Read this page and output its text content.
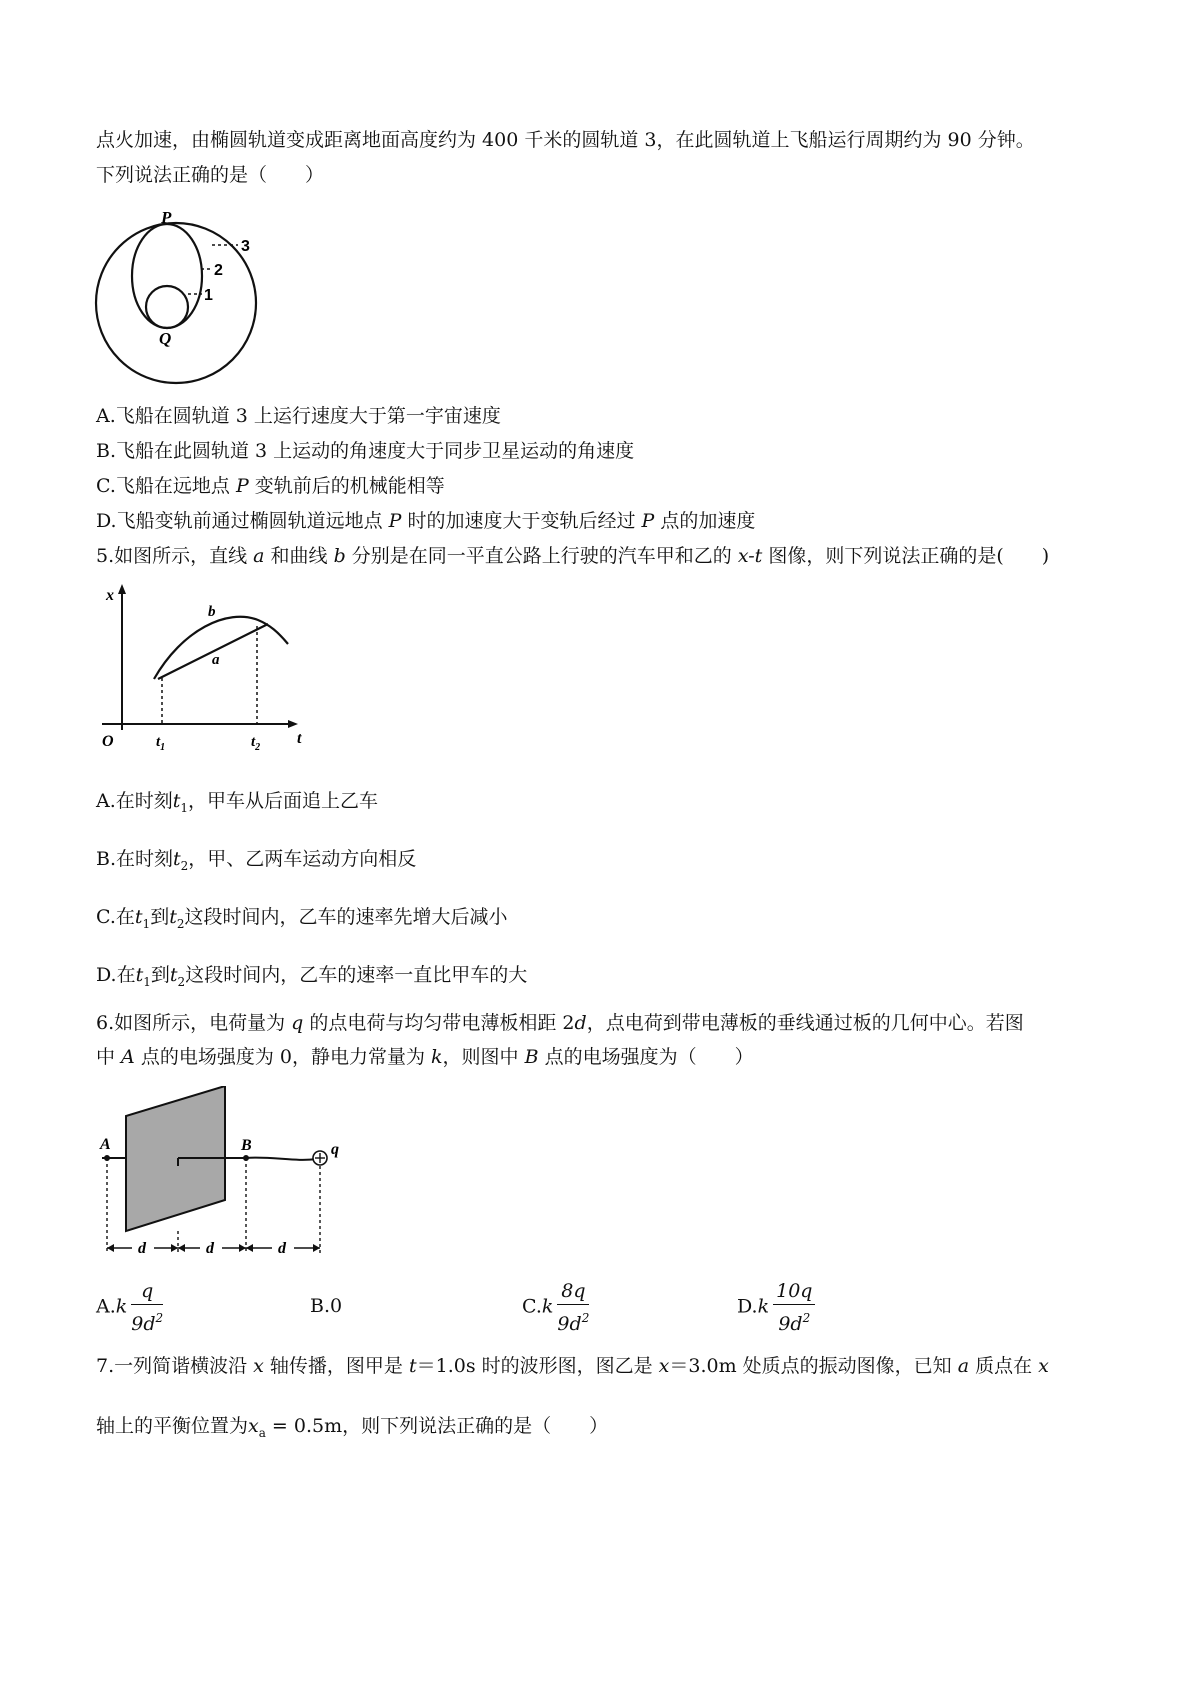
点火加速，由椭圆轨道变成距离地面高度约为 400 千米的圆轨道 3，在此圆轨道上飞船运行周期约为 90 分钟。
下列说法正确的是（　　）
P
Q
3
2
1
A.飞船在圆轨道 3 上运行速度大于第一宇宙速度
B.飞船在此圆轨道 3 上运动的角速度大于同步卫星运动的角速度
C.飞船在远地点 P 变轨前后的机械能相等
D.飞船变轨前通过椭圆轨道远地点 P 时的加速度大于变轨后经过 P 点的加速度
5.如图所示，直线 a 和曲线 b 分别是在同一平直公路上行驶的汽车甲和乙的 x-t 图像，则下列说法正确的是(　　)
x
t
O
b
a
$t_1$	$t_2$
A.在时刻$t_1$，甲车从后面追上乙车
B.在时刻$t_2$，甲、乙两车运动方向相反
C.在$t_1$到$t_2$这段时间内，乙车的速率先增大后减小
D.在$t_1$到$t_2$这段时间内，乙车的速率一直比甲车的大
6.如图所示，电荷量为 q 的点电荷与均匀带电薄板相距 2d，点电荷到带电薄板的垂线通过板的几何中心。若图
中 A 点的电场强度为 0，静电力常量为 k，则图中 B 点的电场强度为（　　）
A	B	q
d	d	d
$A.k \frac{q}{9d^2}$	B.0	$C.k \frac{8q}{9d^2}$	$D.k \frac{10q}{9d^2}$
7.一列简谐横波沿 x 轴传播，图甲是 t＝1.0s 时的波形图，图乙是 x＝3.0m 处质点的振动图像，已知 a 质点在 x
轴上的平衡位置为$x_a = 0.5m$，则下列说法正确的是（　　）
